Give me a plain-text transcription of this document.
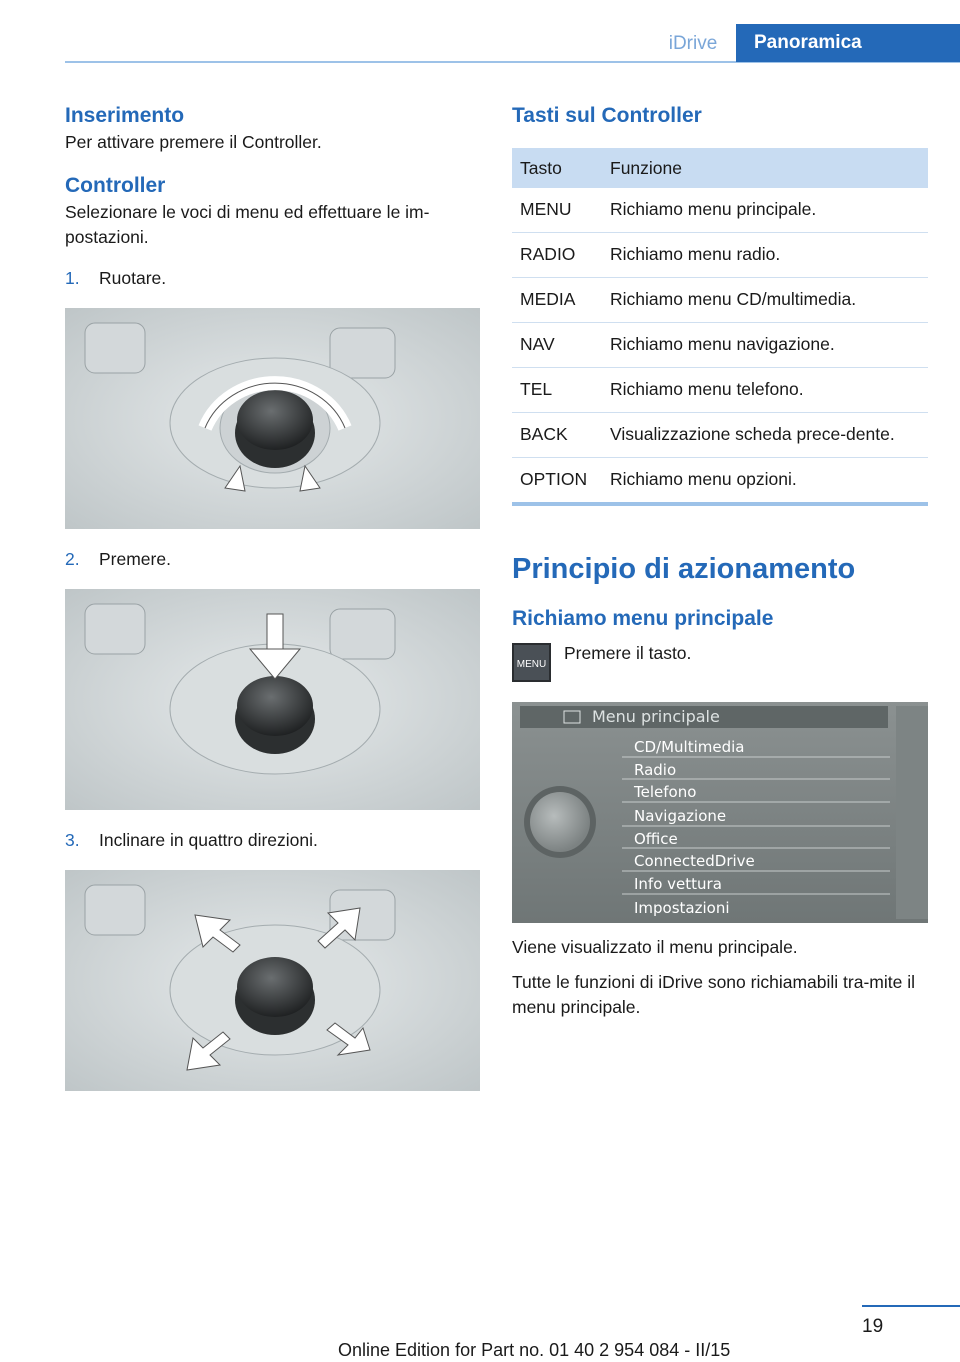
iDrive	Panoramica
Inserimento

Per attivare premere il Controller.

Controller

Selezionare le voci di menu ed effettuare le im‐postazioni.

1. Ruotare.
2. Premere.
3. Inclinare in quattro direzioni.
Tasti sul Controller
Tasto	Funzione
MENU	Richiamo menu principale.
RADIO	Richiamo menu radio.
MEDIA	Richiamo menu CD/multimedia.
NAV	Richiamo menu navigazione.
TEL	Richiamo menu telefono.
BACK	Visualizzazione scheda prece‐dente.
OPTION	Richiamo menu opzioni.
Principio di azionamento
Richiamo menu principale
MENU

Premere il tasto.

Menu principale
CD/Multimedia
Radio
Telefono
Navigazione
Office
ConnectedDrive
Info vettura
Impostazioni

Viene visualizzato il menu principale.

Tutte le funzioni di iDrive sono richiamabili tra‐mite il menu principale.

19
Online Edition for Part no. 01 40 2 954 084 - II/15
